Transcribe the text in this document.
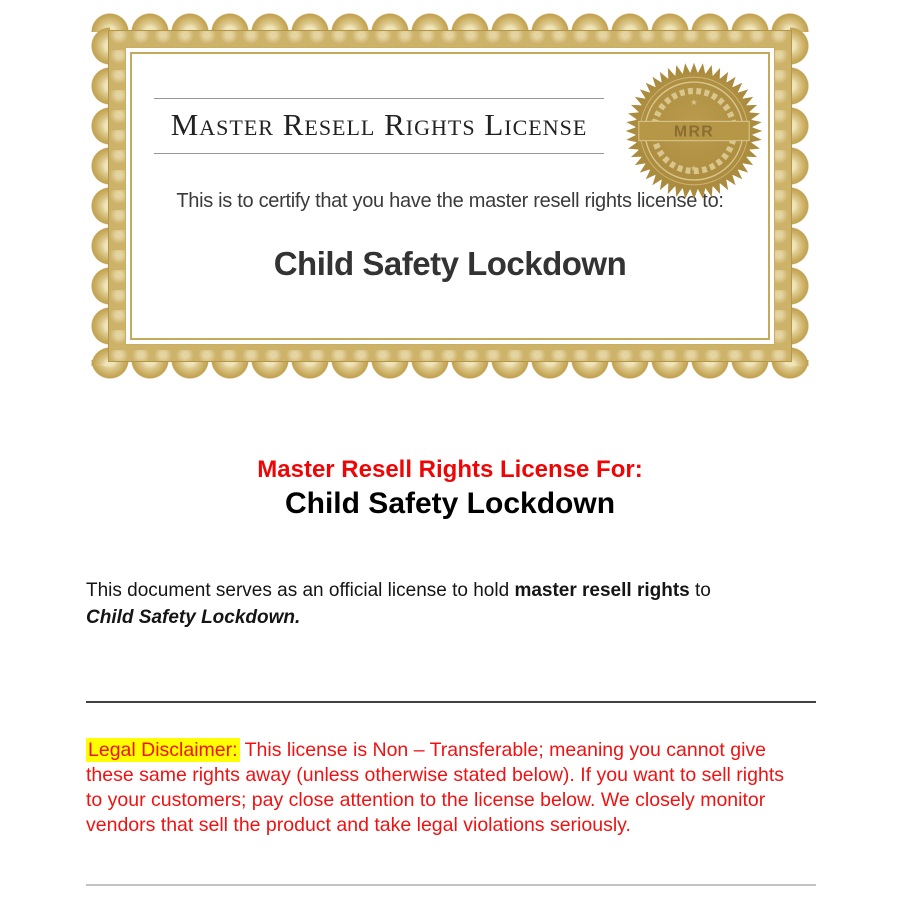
Master Resell Rights License
This is to certify that you have the master resell rights license to:
Child Safety Lockdown
MRR
★
★
Master Resell Rights License For:
Child Safety Lockdown

This document serves as an official license to hold master resell rights to
Child Safety Lockdown.

Legal Disclaimer: This license is Non – Transferable; meaning you cannot give these same rights away (unless otherwise stated below). If you want to sell rights to your customers; pay close attention to the license below. We closely monitor vendors that sell the product and take legal violations seriously.
